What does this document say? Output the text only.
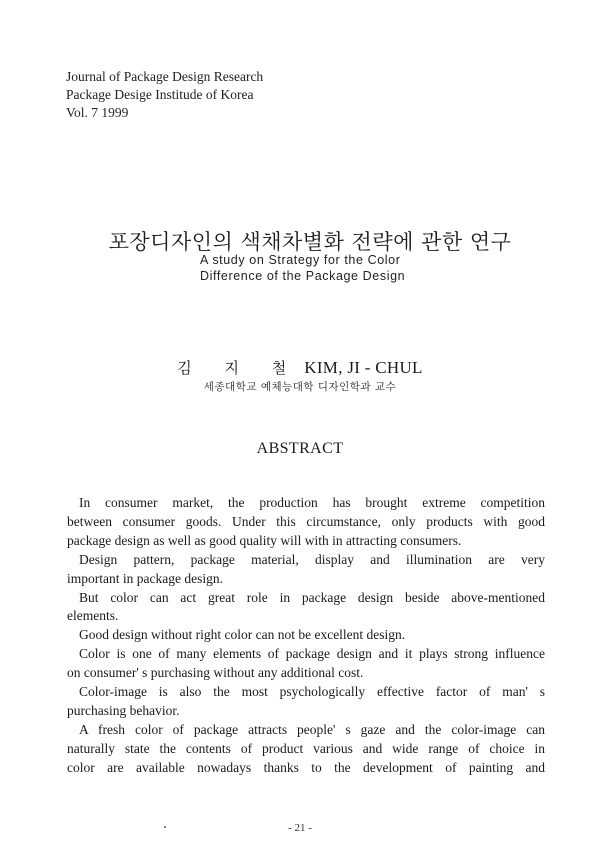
Journal of Package Design Research
Package Desige Institude of Korea
Vol. 7 1999
포장디자인의 색채차별화 전략에 관한 연구
A study on Strategy for the Color
Difference of the Package Design
김 지 철 KIM, JI - CHUL
세종대학교 예체능대학 디자인학과 교수
ABSTRACT
In consumer market, the production has brought extreme competition
between consumer goods. Under this circumstance, only products with good
package design as well as good quality will with in attracting consumers.
Design pattern, package material, display and illumination are very
important in package design.
But color can act great role in package design beside above-mentioned
elements.
Good design without right color can not be excellent design.
Color is one of many elements of package design and it plays strong influence
on consumer' s purchasing without any additional cost.
Color-image is also the most psychologically effective factor of man' s
purchasing behavior.
A fresh color of package attracts people' s gaze and the color-image can
naturally state the contents of product various and wide range of choice in
color are available nowadays thanks to the development of painting and
- 21 -
